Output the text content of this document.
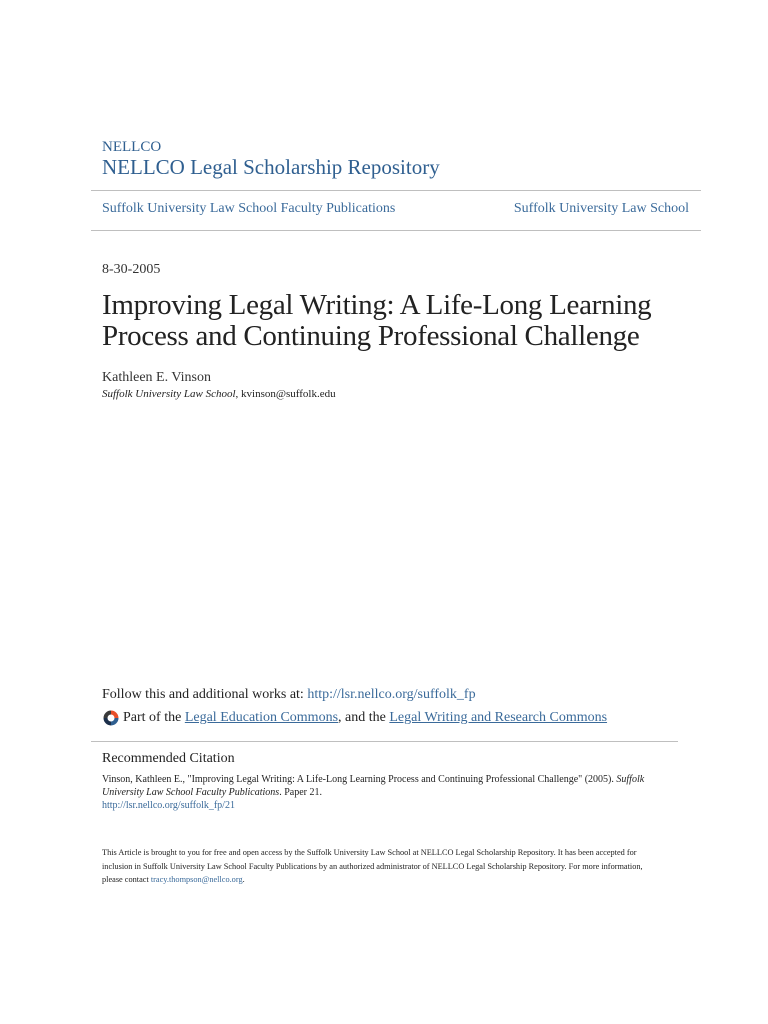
NELLCO
NELLCO Legal Scholarship Repository
Suffolk University Law School Faculty Publications	Suffolk University Law School
8-30-2005
Improving Legal Writing: A Life-Long Learning Process and Continuing Professional Challenge
Kathleen E. Vinson
Suffolk University Law School, kvinson@suffolk.edu
Follow this and additional works at: http://lsr.nellco.org/suffolk_fp
Part of the
Legal Education Commons , and the
Legal Writing and Research Commons
Recommended Citation
Vinson, Kathleen E., "Improving Legal Writing: A Life-Long Learning Process and Continuing Professional Challenge" (2005). Suffolk University Law School Faculty Publications. Paper 21.
http://lsr.nellco.org/suffolk_fp/21
This Article is brought to you for free and open access by the Suffolk University Law School at NELLCO Legal Scholarship Repository. It has been accepted for inclusion in Suffolk University Law School Faculty Publications by an authorized administrator of NELLCO Legal Scholarship Repository. For more information, please contact tracy.thompson@nellco.org.
